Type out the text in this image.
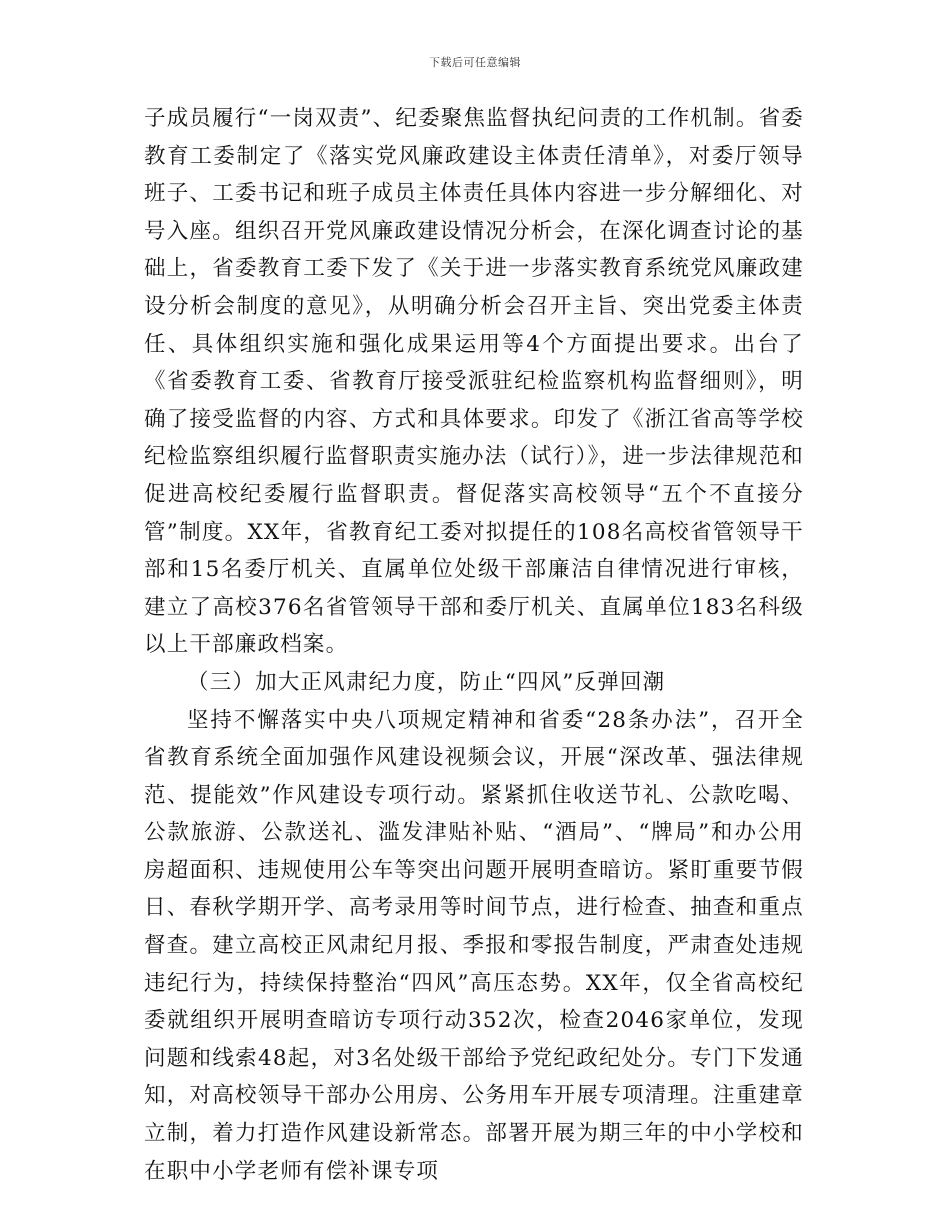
下载后可任意编辑

子成员履行“一岗双责”、纪委聚焦监督执纪问责的工作机制。省委教育工委制定了《落实党风廉政建设主体责任清单》，对委厅领导班子、工委书记和班子成员主体责任具体内容进一步分解细化、对号入座。组织召开党风廉政建设情况分析会，在深化调查讨论的基础上，省委教育工委下发了《关于进一步落实教育系统党风廉政建设分析会制度的意见》，从明确分析会召开主旨、突出党委主体责任、具体组织实施和强化成果运用等4个方面提出要求。出台了《省委教育工委、省教育厅接受派驻纪检监察机构监督细则》，明确了接受监督的内容、方式和具体要求。印发了《浙江省高等学校纪检监察组织履行监督职责实施办法（试行）》，进一步法律规范和促进高校纪委履行监督职责。督促落实高校领导“五个不直接分管”制度。XX年，省教育纪工委对拟提任的108名高校省管领导干部和15名委厅机关、直属单位处级干部廉洁自律情况进行审核，建立了高校376名省管领导干部和委厅机关、直属单位183名科级以上干部廉政档案。

（三）加大正风肃纪力度，防止“四风”反弹回潮

坚持不懈落实中央八项规定精神和省委“28条办法”，召开全省教育系统全面加强作风建设视频会议，开展“深改革、强法律规范、提能效”作风建设专项行动。紧紧抓住收送节礼、公款吃喝、公款旅游、公款送礼、滥发津贴补贴、“酒局”、“牌局”和办公用房超面积、违规使用公车等突出问题开展明查暗访。紧盯重要节假日、春秋学期开学、高考录用等时间节点，进行检查、抽查和重点督查。建立高校正风肃纪月报、季报和零报告制度，严肃查处违规违纪行为，持续保持整治“四风”高压态势。XX年，仅全省高校纪委就组织开展明查暗访专项行动352次，检查2046家单位，发现问题和线索48起，对3名处级干部给予党纪政纪处分。专门下发通知，对高校领导干部办公用房、公务用车开展专项清理。注重建章立制，着力打造作风建设新常态。部署开展为期三年的中小学校和在职中小学老师有偿补课专项
